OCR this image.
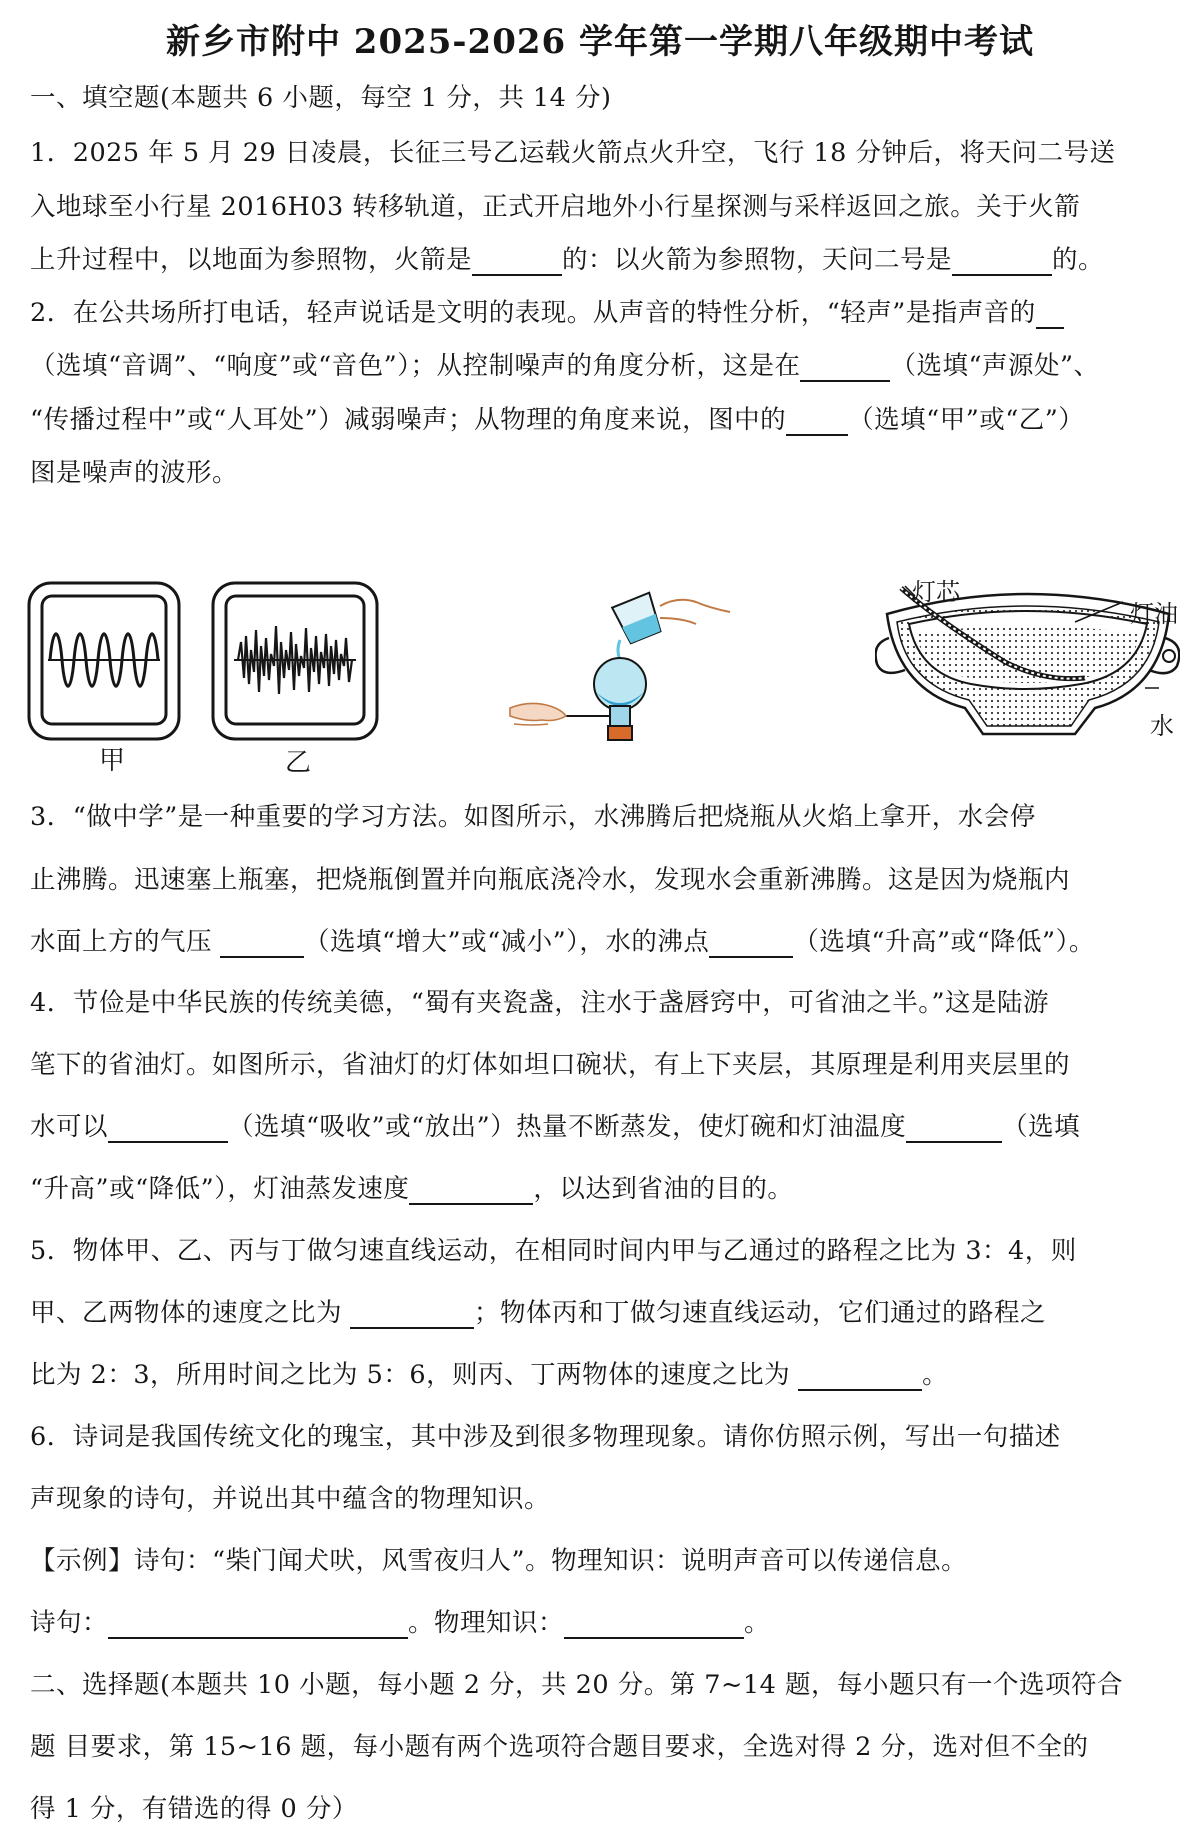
新乡市附中 2025-2026 学年第一学期八年级期中考试
一、填空题(本题共 6 小题，每空 1 分，共 14 分)
1．2025 年 5 月 29 日凌晨，长征三号乙运载火箭点火升空，飞行 18 分钟后，将天问二号送
入地球至小行星 2016H03 转移轨道，正式开启地外小行星探测与采样返回之旅。关于火箭
上升过程中，以地面为参照物，火箭是	的：以火箭为参照物，天问二号是	的。
2．在公共场所打电话，轻声说话是文明的表现。从声音的特性分析，“轻声”是指声音的
（选填“音调”、“响度”或“音色”）；从控制噪声的角度分析，这是在	（选填“声源处”、
“传播过程中”或“人耳处”）减弱噪声；从物理的角度来说，图中的 （选填“甲”或“乙”）
图是噪声的波形。
甲	乙
灯芯
灯油
水
3．“做中学”是一种重要的学习方法。如图所示，水沸腾后把烧瓶从火焰上拿开，水会停
止沸腾。迅速塞上瓶塞，把烧瓶倒置并向瓶底浇冷水，发现水会重新沸腾。这是因为烧瓶内
水面上方的气压	（选填“增大”或“减小”），水的沸点	（选填“升高”或“降低”）。
4．节俭是中华民族的传统美德，“蜀有夹瓷盏，注水于盏唇窍中，可省油之半。”这是陆游
笔下的省油灯。如图所示，省油灯的灯体如坦口碗状，有上下夹层，其原理是利用夹层里的
水可以	（选填“吸收”或“放出”）热量不断蒸发，使灯碗和灯油温度	（选填
“升高”或“降低”），灯油蒸发速度	，以达到省油的目的。
5．物体甲、乙、丙与丁做匀速直线运动，在相同时间内甲与乙通过的路程之比为 3：4，则
甲、乙两物体的速度之比为	；物体丙和丁做匀速直线运动，它们通过的路程之
比为 2：3，所用时间之比为 5：6，则丙、丁两物体的速度之比为	。
6．诗词是我国传统文化的瑰宝，其中涉及到很多物理现象。请你仿照示例，写出一句描述
声现象的诗句，并说出其中蕴含的物理知识。
【示例】诗句：“柴门闻犬吠，风雪夜归人”。物理知识：说明声音可以传递信息。
诗句：	。物理知识：	。
二、选择题(本题共 10 小题，每小题 2 分，共 20 分。第 7~14 题，每小题只有一个选项符合
题 目要求，第 15~16 题，每小题有两个选项符合题目要求，全选对得 2 分，选对但不全的
得 1 分，有错选的得 0 分）
